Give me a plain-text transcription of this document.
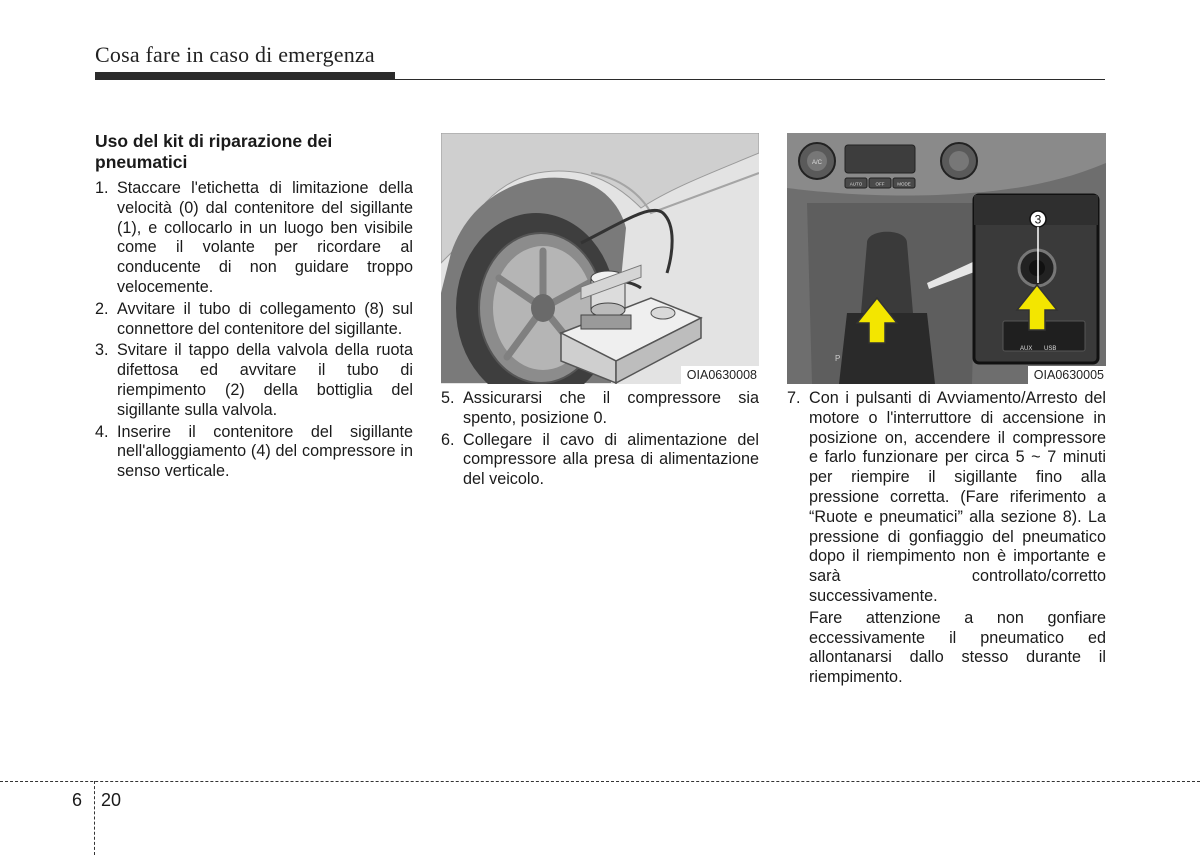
Cosa fare in caso di emergenza
Uso del kit di riparazione dei pneumatici
1. Staccare l'etichetta di limitazione della velocità (0) dal contenitore del sigillante (1), e collocarlo in un luogo ben visibile come il volante per ricordare al conducente di non guidare troppo velocemente.
2. Avvitare il tubo di collegamento (8) sul connettore del contenitore del sigillante.
3. Svitare il tappo della valvola della ruota difettosa ed avvitare il tubo di riempimento (2) della bottiglia del sigillante sulla valvola.
4. Inserire il contenitore del sigillante nell'alloggiamento (4) del compressore in senso verticale.
OIA0630008
5. Assicurarsi che il compressore sia spento, posizione 0.
6. Collegare il cavo di alimentazione del compressore alla presa di alimentazione del veicolo.
A/C
AUTO	OFF	MODE
P
AUX USB
3
OIA0630005
7. Con i pulsanti di Avviamento/Arresto del motore o l'interruttore di accensione in posizione on, accendere il compressore e farlo funzionare per circa 5 ~ 7 minuti per riempire il sigillante fino alla pressione corretta. (Fare riferimento a “Ruote e pneumatici” alla sezione 8). La pressione di gonfiaggio del pneumatico dopo il riempimento non è importante e sarà controllato/corretto successivamente.
Fare attenzione a non gonfiare eccessivamente il pneumatico ed allontanarsi dallo stesso durante il riempimento.
6 20
